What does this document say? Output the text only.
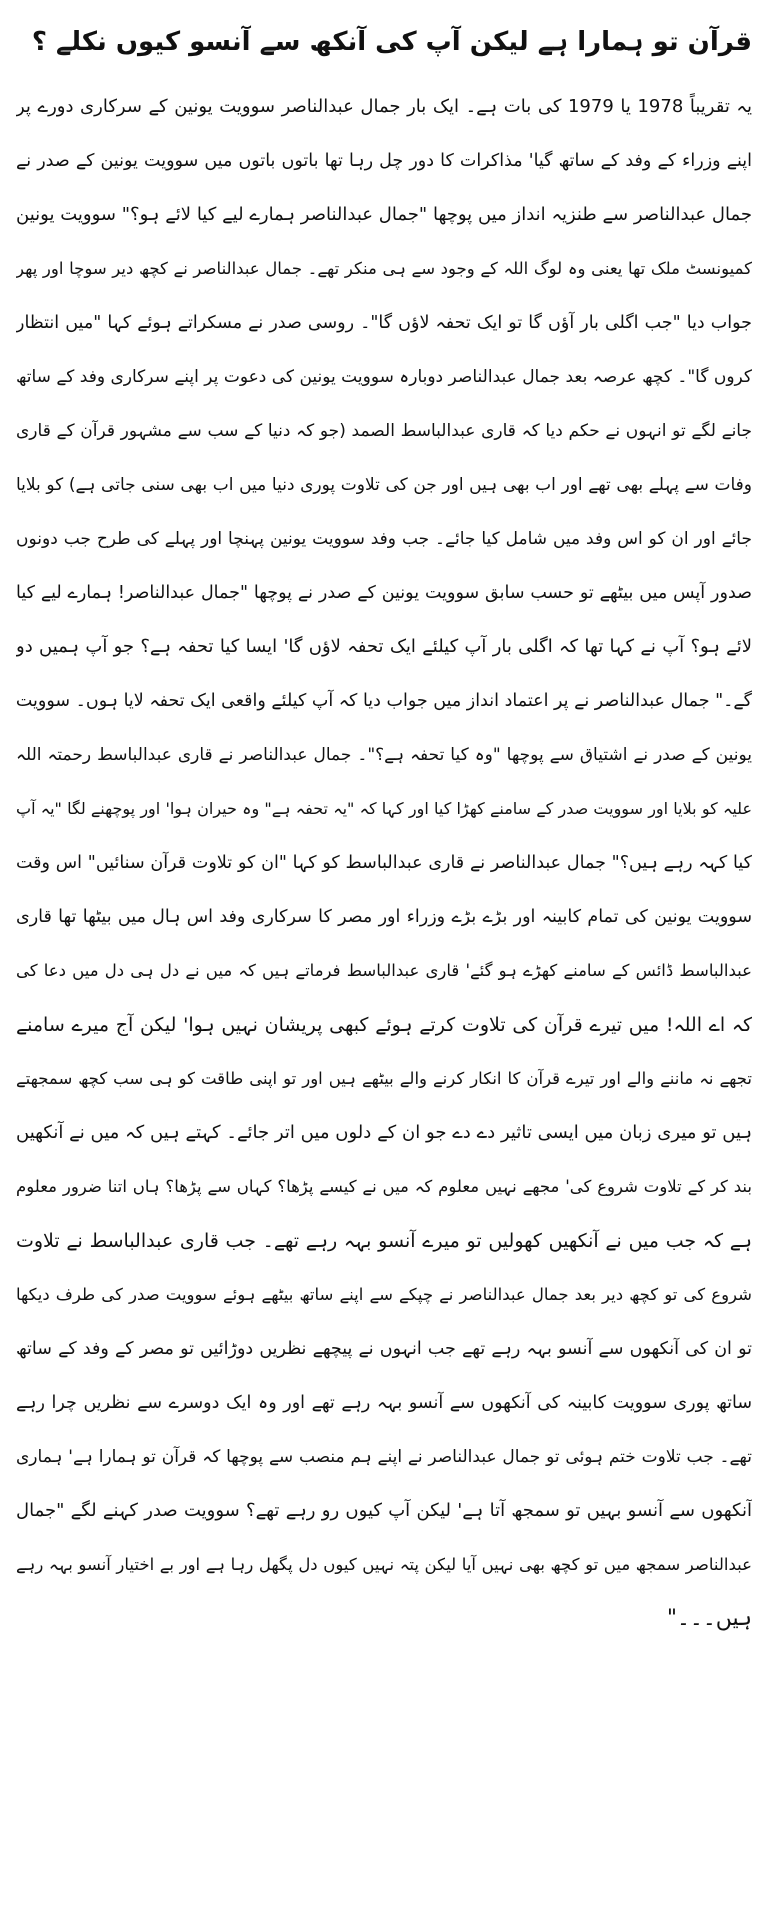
قرآن تو ہمارا ہے لیکن آپ کی آنکھ سے آنسو کیوں نکلے ؟
یہ تقریباً 1978 یا 1979 کی بات ہے۔ ایک بار جمال عبدالناصر سوویت یونین کے سرکاری دورے پر
اپنے وزراء کے وفد کے ساتھ گیا' مذاکرات کا دور چل رہا تھا باتوں باتوں میں سوویت یونین کے صدر نے
جمال عبدالناصر سے طنزیہ انداز میں پوچھا "جمال عبدالناصر ہمارے لیے کیا لائے ہو؟" سوویت یونین
کمیونسٹ ملک تھا یعنی وہ لوگ اللہ کے وجود سے ہی منکر تھے۔ جمال عبدالناصر نے کچھ دیر سوچا اور پھر
جواب دیا "جب اگلی بار آؤں گا تو ایک تحفہ لاؤں گا"۔ روسی صدر نے مسکراتے ہوئے کہا "میں انتظار
کروں گا"۔ کچھ عرصہ بعد جمال عبدالناصر دوبارہ سوویت یونین کی دعوت پر اپنے سرکاری وفد کے ساتھ
جانے لگے تو انہوں نے حکم دیا کہ قاری عبدالباسط الصمد (جو کہ دنیا کے سب سے مشہور قرآن کے قاری
وفات سے پہلے بھی تھے اور اب بھی ہیں اور جن کی تلاوت پوری دنیا میں اب بھی سنی جاتی ہے) کو بلایا
جائے اور ان کو اس وفد میں شامل کیا جائے۔ جب وفد سوویت یونین پہنچا اور پہلے کی طرح جب دونوں
صدور آپس میں بیٹھے تو حسب سابق سوویت یونین کے صدر نے پوچھا "جمال عبدالناصر! ہمارے لیے کیا
لائے ہو؟ آپ نے کہا تھا کہ اگلی بار آپ کیلئے ایک تحفہ لاؤں گا' ایسا کیا تحفہ ہے؟ جو آپ ہمیں دو
گے۔" جمال عبدالناصر نے پر اعتماد انداز میں جواب دیا کہ آپ کیلئے واقعی ایک تحفہ لایا ہوں۔ سوویت
یونین کے صدر نے اشتیاق سے پوچھا "وہ کیا تحفہ ہے؟"۔ جمال عبدالناصر نے قاری عبدالباسط رحمتہ اللہ
علیہ کو بلایا اور سوویت صدر کے سامنے کھڑا کیا اور کہا کہ "یہ تحفہ ہے" وہ حیران ہوا' اور پوچھنے لگا "یہ آپ
کیا کہہ رہے ہیں؟" جمال عبدالناصر نے قاری عبدالباسط کو کہا "ان کو تلاوت قرآن سنائیں" اس وقت
سوویت یونین کی تمام کابینہ اور بڑے بڑے وزراء اور مصر کا سرکاری وفد اس ہال میں بیٹھا تھا قاری
عبدالباسط ڈائس کے سامنے کھڑے ہو گئے' قاری عبدالباسط فرماتے ہیں کہ میں نے دل ہی دل میں دعا کی
کہ اے اللہ! میں تیرے قرآن کی تلاوت کرتے ہوئے کبھی پریشان نہیں ہوا' لیکن آج میرے سامنے
تجھے نہ ماننے والے اور تیرے قرآن کا انکار کرنے والے بیٹھے ہیں اور تو اپنی طاقت کو ہی سب کچھ سمجھتے
ہیں تو میری زبان میں ایسی تاثیر دے دے جو ان کے دلوں میں اتر جائے۔ کہتے ہیں کہ میں نے آنکھیں
بند کر کے تلاوت شروع کی' مجھے نہیں معلوم کہ میں نے کیسے پڑھا؟ کہاں سے پڑھا؟ ہاں اتنا ضرور معلوم
ہے کہ جب میں نے آنکھیں کھولیں تو میرے آنسو بہہ رہے تھے۔ جب قاری عبدالباسط نے تلاوت
شروع کی تو کچھ دیر بعد جمال عبدالناصر نے چپکے سے اپنے ساتھ بیٹھے ہوئے سوویت صدر کی طرف دیکھا
تو ان کی آنکھوں سے آنسو بہہ رہے تھے جب انہوں نے پیچھے نظریں دوڑائیں تو مصر کے وفد کے ساتھ
ساتھ پوری سوویت کابینہ کی آنکھوں سے آنسو بہہ رہے تھے اور وہ ایک دوسرے سے نظریں چرا رہے
تھے۔ جب تلاوت ختم ہوئی تو جمال عبدالناصر نے اپنے ہم منصب سے پوچھا کہ قرآن تو ہمارا ہے' ہماری
آنکھوں سے آنسو بہیں تو سمجھ آتا ہے' لیکن آپ کیوں رو رہے تھے؟ سوویت صدر کہنے لگے "جمال
عبدالناصر سمجھ میں تو کچھ بھی نہیں آیا لیکن پتہ نہیں کیوں دل پگھل رہا ہے اور بے اختیار آنسو بہہ رہے
ہیں۔۔۔"
